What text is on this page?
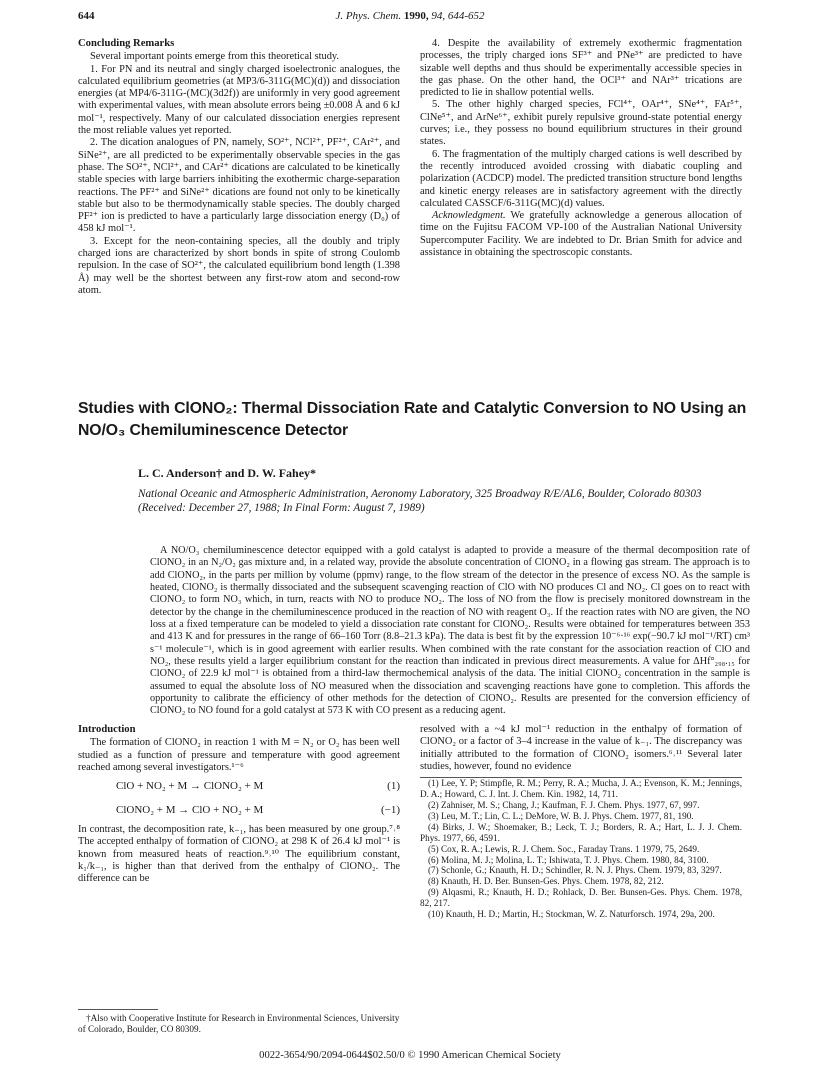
644	J. Phys. Chem. 1990, 94, 644-652
Concluding Remarks

Several important points emerge from this theoretical study.

1. For PN and its neutral and singly charged isoelectronic analogues, the calculated equilibrium geometries (at MP3/6-311G(MC)(d)) and dissociation energies (at MP4/6-311G-(MC)(3d2f)) are uniformly in very good agreement with experimental values, with mean absolute errors being ±0.008 Å and 6 kJ mol⁻¹, respectively. Many of our calculated dissociation energies represent the most reliable values yet reported.

2. The dication analogues of PN, namely, SO²⁺, NCl²⁺, PF²⁺, CAr²⁺, and SiNe²⁺, are all predicted to be experimentally observable species in the gas phase. The SO²⁺, NCl²⁺, and CAr²⁺ dications are calculated to be kinetically stable species with large barriers inhibiting the exothermic charge-separation reactions. The PF²⁺ and SiNe²⁺ dications are found not only to be kinetically stable but also to be thermodynamically stable species. The doubly charged PF²⁺ ion is predicted to have a particularly large dissociation energy (D₀) of 458 kJ mol⁻¹.

3. Except for the neon-containing species, all the doubly and triply charged ions are characterized by short bonds in spite of strong Coulomb repulsion. In the case of SO²⁺, the calculated equilibrium bond length (1.398 Å) may well be the shortest between any first-row atom and second-row atom.

4. Despite the availability of extremely exothermic fragmentation processes, the triply charged ions SF³⁺ and PNe³⁺ are predicted to have sizable well depths and thus should be experimentally accessible species in the gas phase. On the other hand, the OCl³⁺ and NAr³⁺ trications are predicted to lie in shallow potential wells.

5. The other highly charged species, FCl⁴⁺, OAr⁴⁺, SNe⁴⁺, FAr⁵⁺, ClNe⁵⁺, and ArNe⁶⁺, exhibit purely repulsive ground-state potential energy curves; i.e., they possess no bound equilibrium structures in their ground states.

6. The fragmentation of the multiply charged cations is well described by the recently introduced avoided crossing with diabatic coupling and polarization (ACDCP) model. The predicted transition structure bond lengths and kinetic energy releases are in satisfactory agreement with the directly calculated CASSCF/6-311G(MC)(d) values.

Acknowledgment. We gratefully acknowledge a generous allocation of time on the Fujitsu FACOM VP-100 of the Australian National University Supercomputer Facility. We are indebted to Dr. Brian Smith for advice and assistance in obtaining the spectroscopic constants.

Studies with ClONO₂: Thermal Dissociation Rate and Catalytic Conversion to NO Using an NO/O₃ Chemiluminescence Detector
L. C. Anderson† and D. W. Fahey*
National Oceanic and Atmospheric Administration, Aeronomy Laboratory, 325 Broadway R/E/AL6, Boulder, Colorado 80303 (Received: December 27, 1988; In Final Form: August 7, 1989)

A NO/O₃ chemiluminescence detector equipped with a gold catalyst is adapted to provide a measure of the thermal decomposition rate of ClONO₂ in an N₂/O₂ gas mixture and, in a related way, provide the absolute concentration of ClONO₂ in a flowing gas stream. The approach is to add ClONO₂, in the parts per million by volume (ppmv) range, to the flow stream of the detector in the presence of excess NO. As the sample is heated, ClONO₂ is thermally dissociated and the subsequent scavenging reaction of ClO with NO produces Cl and NO₂. Cl goes on to react with ClONO₂ to form NO₃ which, in turn, reacts with NO to produce NO₂. The loss of NO from the flow is precisely monitored downstream in the detector by the change in the chemiluminescence produced in the reaction of NO with reagent O₃. If the reaction rates with NO are given, the NO loss at a fixed temperature can be modeled to yield a dissociation rate constant for ClONO₂. Results were obtained for temperatures between 353 and 413 K and for pressures in the range of 66–160 Torr (8.8–21.3 kPa). The data is best fit by the expression 10⁻⁶·¹⁶ exp(−90.7 kJ mol⁻¹/RT) cm³ s⁻¹ molecule⁻¹, which is in good agreement with earlier results. When combined with the rate constant for the association reaction of ClO and NO₂, these results yield a larger equilibrium constant for the reaction than indicated in previous direct measurements. A value for ΔHf°₂₉₈.₁₅ for ClONO₂ of 22.9 kJ mol⁻¹ is obtained from a third-law thermochemical analysis of the data. The initial ClONO₂ concentration in the sample is assumed to equal the absolute loss of NO measured when the dissociation and scavenging reactions have gone to completion. This affords the opportunity to calibrate the efficiency of other methods for the detection of ClONO₂. Results are presented for the conversion efficiency of ClONO₂ to NO found for a gold catalyst at 573 K with CO present as a reducing agent.

Introduction

The formation of ClONO₂ in reaction 1 with M = N₂ or O₂ has been well studied as a function of pressure and temperature with good agreement reached among several investigators.¹⁻⁶

ClO + NO₂ + M → ClONO₂ + M	(1)
ClONO₂ + M → ClO + NO₂ + M	(−1)

In contrast, the decomposition rate, k₋₁, has been measured by one group.⁷˒⁸ The accepted enthalpy of formation of ClONO₂ at 298 K of 26.4 kJ mol⁻¹ is known from measured heats of reaction.⁹˒¹⁰ The equilibrium constant, k₁/k₋₁, is higher than that derived from the enthalpy of ClONO₂. The difference can be

resolved with a ~4 kJ mol⁻¹ reduction in the enthalpy of formation of ClONO₂ or a factor of 3–4 increase in the value of k₋₁. The discrepancy was initially attributed to the formation of ClONO₂ isomers.⁶˒¹¹ Several later studies, however, found no evidence

(1) Lee, Y. P; Stimpfle, R. M.; Perry, R. A.; Mucha, J. A.; Evenson, K. M.; Jennings, D. A.; Howard, C. J. Int. J. Chem. Kin. 1982, 14, 711.

(2) Zahniser, M. S.; Chang, J.; Kaufman, F. J. Chem. Phys. 1977, 67, 997.

(3) Leu, M. T.; Lin, C. L.; DeMore, W. B. J. Phys. Chem. 1977, 81, 190.

(4) Birks, J. W.; Shoemaker, B.; Leck, T. J.; Borders, R. A.; Hart, L. J. J. Chem. Phys. 1977, 66, 4591.

(5) Cox, R. A.; Lewis, R. J. Chem. Soc., Faraday Trans. 1 1979, 75, 2649.

(6) Molina, M. J.; Molina, L. T.; Ishiwata, T. J. Phys. Chem. 1980, 84, 3100.

(7) Schonle, G.; Knauth, H. D.; Schindler, R. N. J. Phys. Chem. 1979, 83, 3297.

(8) Knauth, H. D. Ber. Bunsen-Ges. Phys. Chem. 1978, 82, 212.

(9) Alqasmi, R.; Knauth, H. D.; Rohlack, D. Ber. Bunsen-Ges. Phys. Chem. 1978, 82, 217.

(10) Knauth, H. D.; Martin, H.; Stockman, W. Z. Naturforsch. 1974, 29a, 200.

†Also with Cooperative Institute for Research in Environmental Sciences, University of Colorado, Boulder, CO 80309.
0022-3654/90/2094-0644$02.50/0 © 1990 American Chemical Society
